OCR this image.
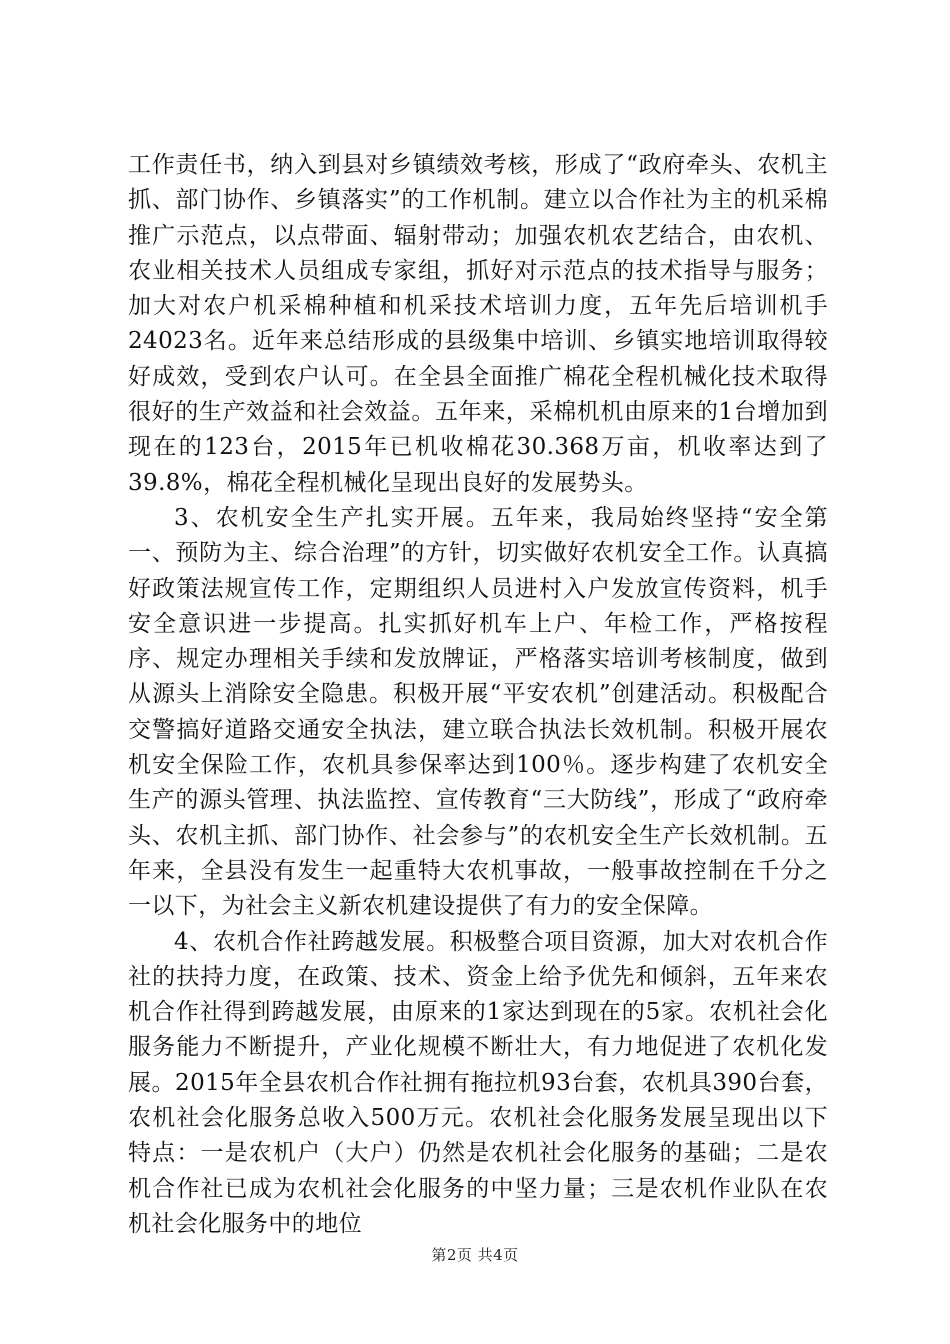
工作责任书，纳入到县对乡镇绩效考核，形成了“政府牵头、农机主抓、部门协作、乡镇落实”的工作机制。建立以合作社为主的机采棉推广示范点，以点带面、辐射带动；加强农机农艺结合，由农机、农业相关技术人员组成专家组，抓好对示范点的技术指导与服务；加大对农户机采棉种植和机采技术培训力度，五年先后培训机手24023名。近年来总结形成的县级集中培训、乡镇实地培训取得较好成效，受到农户认可。在全县全面推广棉花全程机械化技术取得很好的生产效益和社会效益。五年来，采棉机机由原来的1台增加到现在的123台，2015年已机收棉花30.368万亩，机收率达到了39.8%，棉花全程机械化呈现出良好的发展势头。

3、农机安全生产扎实开展。五年来，我局始终坚持“安全第一、预防为主、综合治理”的方针，切实做好农机安全工作。认真搞好政策法规宣传工作，定期组织人员进村入户发放宣传资料，机手安全意识进一步提高。扎实抓好机车上户、年检工作，严格按程序、规定办理相关手续和发放牌证，严格落实培训考核制度，做到从源头上消除安全隐患。积极开展“平安农机”创建活动。积极配合交警搞好道路交通安全执法，建立联合执法长效机制。积极开展农机安全保险工作，农机具参保率达到100％。逐步构建了农机安全生产的源头管理、执法监控、宣传教育“三大防线”，形成了“政府牵头、农机主抓、部门协作、社会参与”的农机安全生产长效机制。五年来，全县没有发生一起重特大农机事故，一般事故控制在千分之一以下，为社会主义新农机建设提供了有力的安全保障。

4、农机合作社跨越发展。积极整合项目资源，加大对农机合作社的扶持力度，在政策、技术、资金上给予优先和倾斜，五年来农机合作社得到跨越发展，由原来的1家达到现在的5家。农机社会化服务能力不断提升，产业化规模不断壮大，有力地促进了农机化发展。2015年全县农机合作社拥有拖拉机93台套，农机具390台套，农机社会化服务总收入500万元。农机社会化服务发展呈现出以下特点：一是农机户（大户）仍然是农机社会化服务的基础；二是农机合作社已成为农机社会化服务的中坚力量；三是农机作业队在农机社会化服务中的地位

第2页 共4页
